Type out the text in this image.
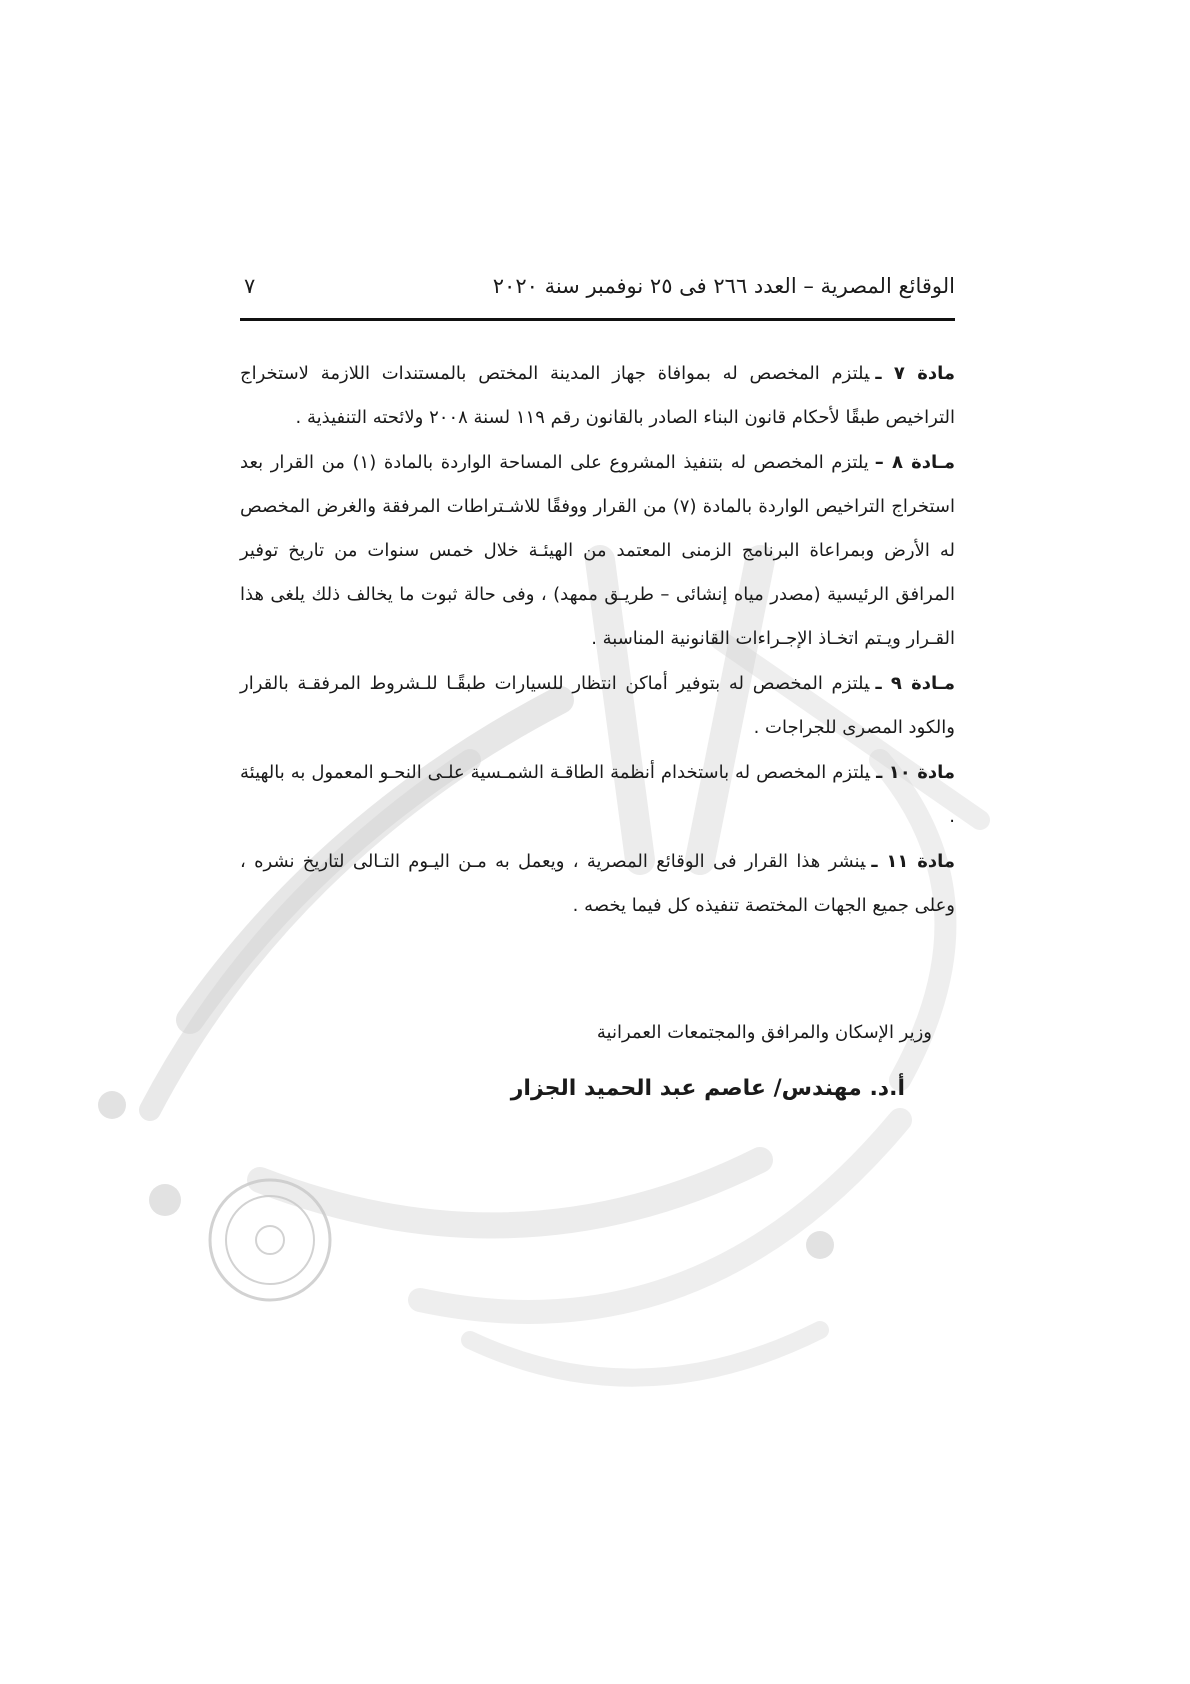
الوقائع المصرية – العدد ٢٦٦ فى ٢٥ نوفمبر سنة ٢٠٢٠
٧

مادة ٧ ـيلتزم المخصص له بموافاة جهاز المدينة المختص بالمستندات اللازمة لاستخراج التراخيص طبقًا لأحكام قانون البناء الصادر بالقانون رقم ١١٩ لسنة ٢٠٠٨ ولائحته التنفيذية .

مـادة ٨ –يلتزم المخصص له بتنفيذ المشروع على المساحة الواردة بالمادة (١) من القرار بعد استخراج التراخيص الواردة بالمادة (٧) من القرار ووفقًا للاشـتراطات المرفقة والغرض المخصص له الأرض وبمراعاة البرنامج الزمنى المعتمد من الهيئـة خلال خمس سنوات من تاريخ توفير المرافق الرئيسية (مصدر مياه إنشائى – طريـق ممهد) ، وفى حالة ثبوت ما يخالف ذلك يلغى هذا القـرار ويـتم اتخـاذ الإجـراءات القانونية المناسبة .

مـادة ٩ ـيلتزم المخصص له بتوفير أماكن انتظار للسيارات طبقًـا للـشروط المرفقـة بالقرار والكود المصرى للجراجات .

مادة ١٠ ـيلتزم المخصص له باستخدام أنظمة الطاقـة الشمـسية علـى النحـو المعمول به بالهيئة .

مادة ١١ ـينشر هذا القرار فى الوقائع المصرية ، ويعمل به مـن اليـوم التـالى لتاريخ نشره ، وعلى جميع الجهات المختصة تنفيذه كل فيما يخصه .

وزير الإسكان والمرافق والمجتمعات العمرانية
أ.د. مهندس/ عاصم عبد الحميد الجزار
